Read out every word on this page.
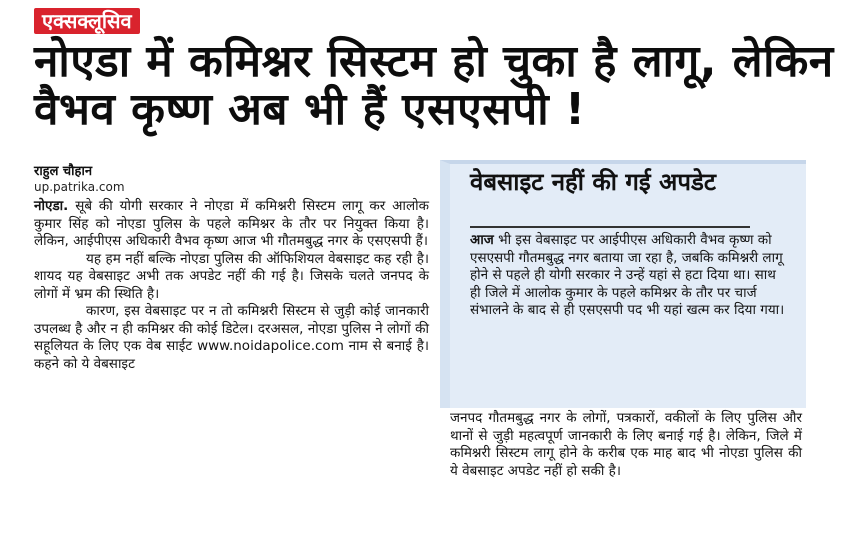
एक्सक्लूसिव
नोएडा में कमिश्नर सिस्टम हो चुका है लागू, लेकिन वैभव कृष्ण अब भी हैं एसएसपी !
राहुल चौहान
up.patrika.com

नोएडा. सूबे की योगी सरकार ने नोएडा में कमिश्नरी सिस्टम लागू कर आलोक कुमार सिंह को नोएडा पुलिस के पहले कमिश्नर के तौर पर नियुक्त किया है। लेकिन, आईपीएस अधिकारी वैभव कृष्ण आज भी गौतमबुद्ध नगर के एसएसपी हैं।

यह हम नहीं बल्कि नोएडा पुलिस की ऑफिशियल वेबसाइट कह रही है। शायद यह वेबसाइट अभी तक अपडेट नहीं की गई है। जिसके चलते जनपद के लोगों में भ्रम की स्थिति है।

कारण, इस वेबसाइट पर न तो कमिश्नरी सिस्टम से जुड़ी कोई जानकारी उपलब्ध है और न ही कमिश्नर की कोई डिटेल। दरअसल, नोएडा पुलिस ने लोगों की सहूलियत के लिए एक वेब साईट www.noidapolice.com नाम से बनाई है। कहने को ये वेबसाइट

वेबसाइट नहीं की गई अपडेट
आज भी इस वेबसाइट पर आईपीएस अधिकारी वैभव कृष्ण को एसएसपी गौतमबुद्ध नगर बताया जा रहा है, जबकि कमिश्नरी लागू होने से पहले ही योगी सरकार ने उन्हें यहां से हटा दिया था। साथ ही जिले में आलोक कुमार के पहले कमिश्नर के तौर पर चार्ज संभालने के बाद से ही एसएसपी पद भी यहां खत्म कर दिया गया।

जनपद गौतमबुद्ध नगर के लोगों, पत्रकारों, वकीलों के लिए पुलिस और थानों से जुड़ी महत्वपूर्ण जानकारी के लिए बनाई गई है। लेकिन, जिले में कमिश्नरी सिस्टम लागू होने के करीब एक माह बाद भी नोएडा पुलिस की ये वेबसाइट अपडेट नहीं हो सकी है।
